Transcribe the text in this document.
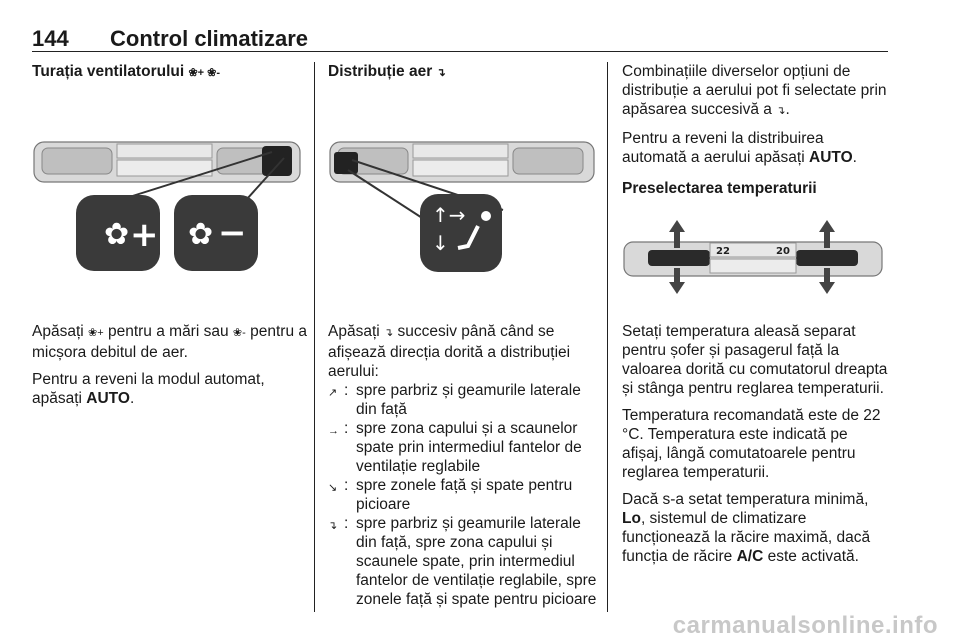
144	Control climatizare
Turația ventilatorului ❀+ ❀-
✿ + ✿ −

Apăsați ❀+ pentru a mări sau ❀- pentru a micșora debitul de aer.

Pentru a reveni la modul automat, apăsați AUTO.

Distribuție aer ↴
↑→
↓

Apăsați ↴ succesiv până când se afișează direcția dorită a distribuției aerului:

↗ : spre parbriz și geamurile laterale din față
→ : spre zona capului și a scaunelor spate prin intermediul fantelor de ventilație reglabile
↘ : spre zonele față și spate pentru picioare
↴ : spre parbriz și geamurile laterale din față, spre zona capului și scaunele spate, prin intermediul fantelor de ventilație reglabile, spre zonele față și spate pentru picioare

Combinațiile diverselor opțiuni de distribuție a aerului pot fi selectate prin apăsarea succesivă a ↴.

Pentru a reveni la distribuirea automată a aerului apăsați AUTO.

Preselectarea temperaturii
22	20

Setați temperatura aleasă separat pentru șofer și pasagerul față la valoarea dorită cu comutatorul dreapta și stânga pentru reglarea temperaturii.

Temperatura recomandată este de 22 °C. Temperatura este indicată pe afișaj, lângă comutatoarele pentru reglarea temperaturii.

Dacă s-a setat temperatura minimă, Lo, sistemul de climatizare funcționează la răcire maximă, dacă funcția de răcire A/C este activată.

carmanualsonline.info
